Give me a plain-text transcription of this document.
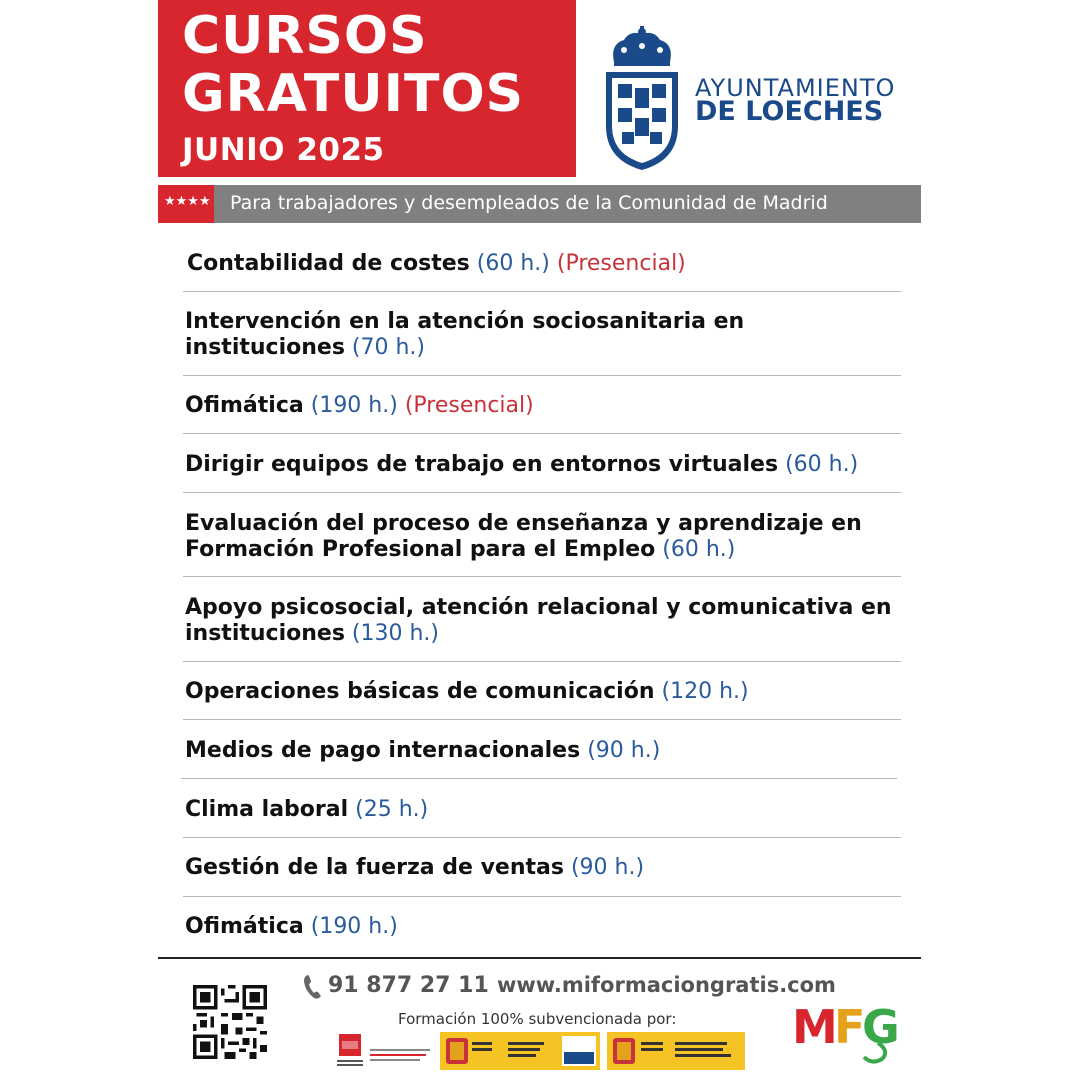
CURSOS
GRATUITOS
JUNIO 2025
AYUNTAMIENTO
DE LOECHES
★★★★ Para trabajadores y desempleados de la Comunidad de Madrid
Contabilidad de costes (60 h.) (Presencial)
Intervención en la atención sociosanitaria en instituciones (70 h.)
Ofimática (190 h.) (Presencial)
Dirigir equipos de trabajo en entornos virtuales (60 h.)
Evaluación del proceso de enseñanza y aprendizaje en Formación Profesional para el Empleo (60 h.)
Apoyo psicosocial, atención relacional y comunicativa en instituciones (130 h.)
Operaciones básicas de comunicación (120 h.)
Medios de pago internacionales (90 h.)
Clima laboral (25 h.)
Gestión de la fuerza de ventas (90 h.)
Ofimática (190 h.)
91 877 27 11 www.miformaciongratis.com
Formación 100% subvencionada por:	M
F
G
